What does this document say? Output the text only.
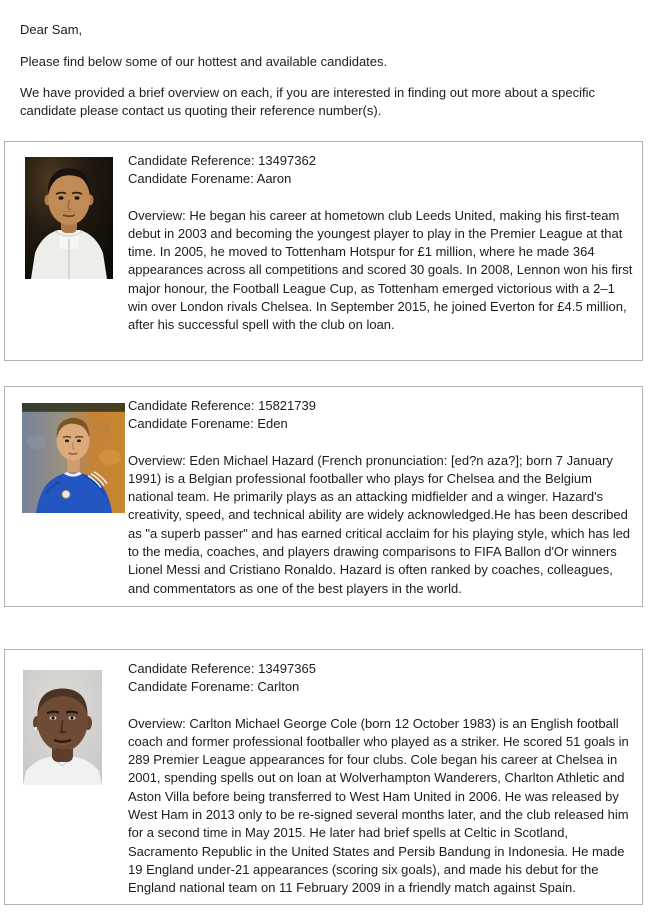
Dear Sam,

Please find below some of our hottest and available candidates.

We have provided a brief overview on each, if you are interested in finding out more about a specific candidate please contact us quoting their reference number(s).

Candidate Reference: 13497362

Candidate Forename: Aaron

Overview: He began his career at hometown club Leeds United, making his first-team debut in 2003 and becoming the youngest player to play in the Premier League at that time. In 2005, he moved to Tottenham Hotspur for £1 million, where he made 364 appearances across all competitions and scored 30 goals. In 2008, Lennon won his first major honour, the Football League Cup, as Tottenham emerged victorious with a 2–1 win over London rivals Chelsea. In September 2015, he joined Everton for £4.5 million, after his successful spell with the club on loan.

Candidate Reference: 15821739

Candidate Forename: Eden

Overview: Eden Michael Hazard (French pronunciation: [ed?n aza?]; born 7 January 1991) is a Belgian professional footballer who plays for Chelsea and the Belgium national team. He primarily plays as an attacking midfielder and a winger. Hazard's creativity, speed, and technical ability are widely acknowledged.He has been described as "a superb passer" and has earned critical acclaim for his playing style, which has led to the media, coaches, and players drawing comparisons to FIFA Ballon d'Or winners Lionel Messi and Cristiano Ronaldo. Hazard is often ranked by coaches, colleagues, and commentators as one of the best players in the world.

Candidate Reference: 13497365

Candidate Forename: Carlton

Overview: Carlton Michael George Cole (born 12 October 1983) is an English football coach and former professional footballer who played as a striker. He scored 51 goals in 289 Premier League appearances for four clubs. Cole began his career at Chelsea in 2001, spending spells out on loan at Wolverhampton Wanderers, Charlton Athletic and Aston Villa before being transferred to West Ham United in 2006. He was released by West Ham in 2013 only to be re-signed several months later, and the club released him for a second time in May 2015. He later had brief spells at Celtic in Scotland, Sacramento Republic in the United States and Persib Bandung in Indonesia. He made 19 England under-21 appearances (scoring six goals), and made his debut for the England national team on 11 February 2009 in a friendly match against Spain.
